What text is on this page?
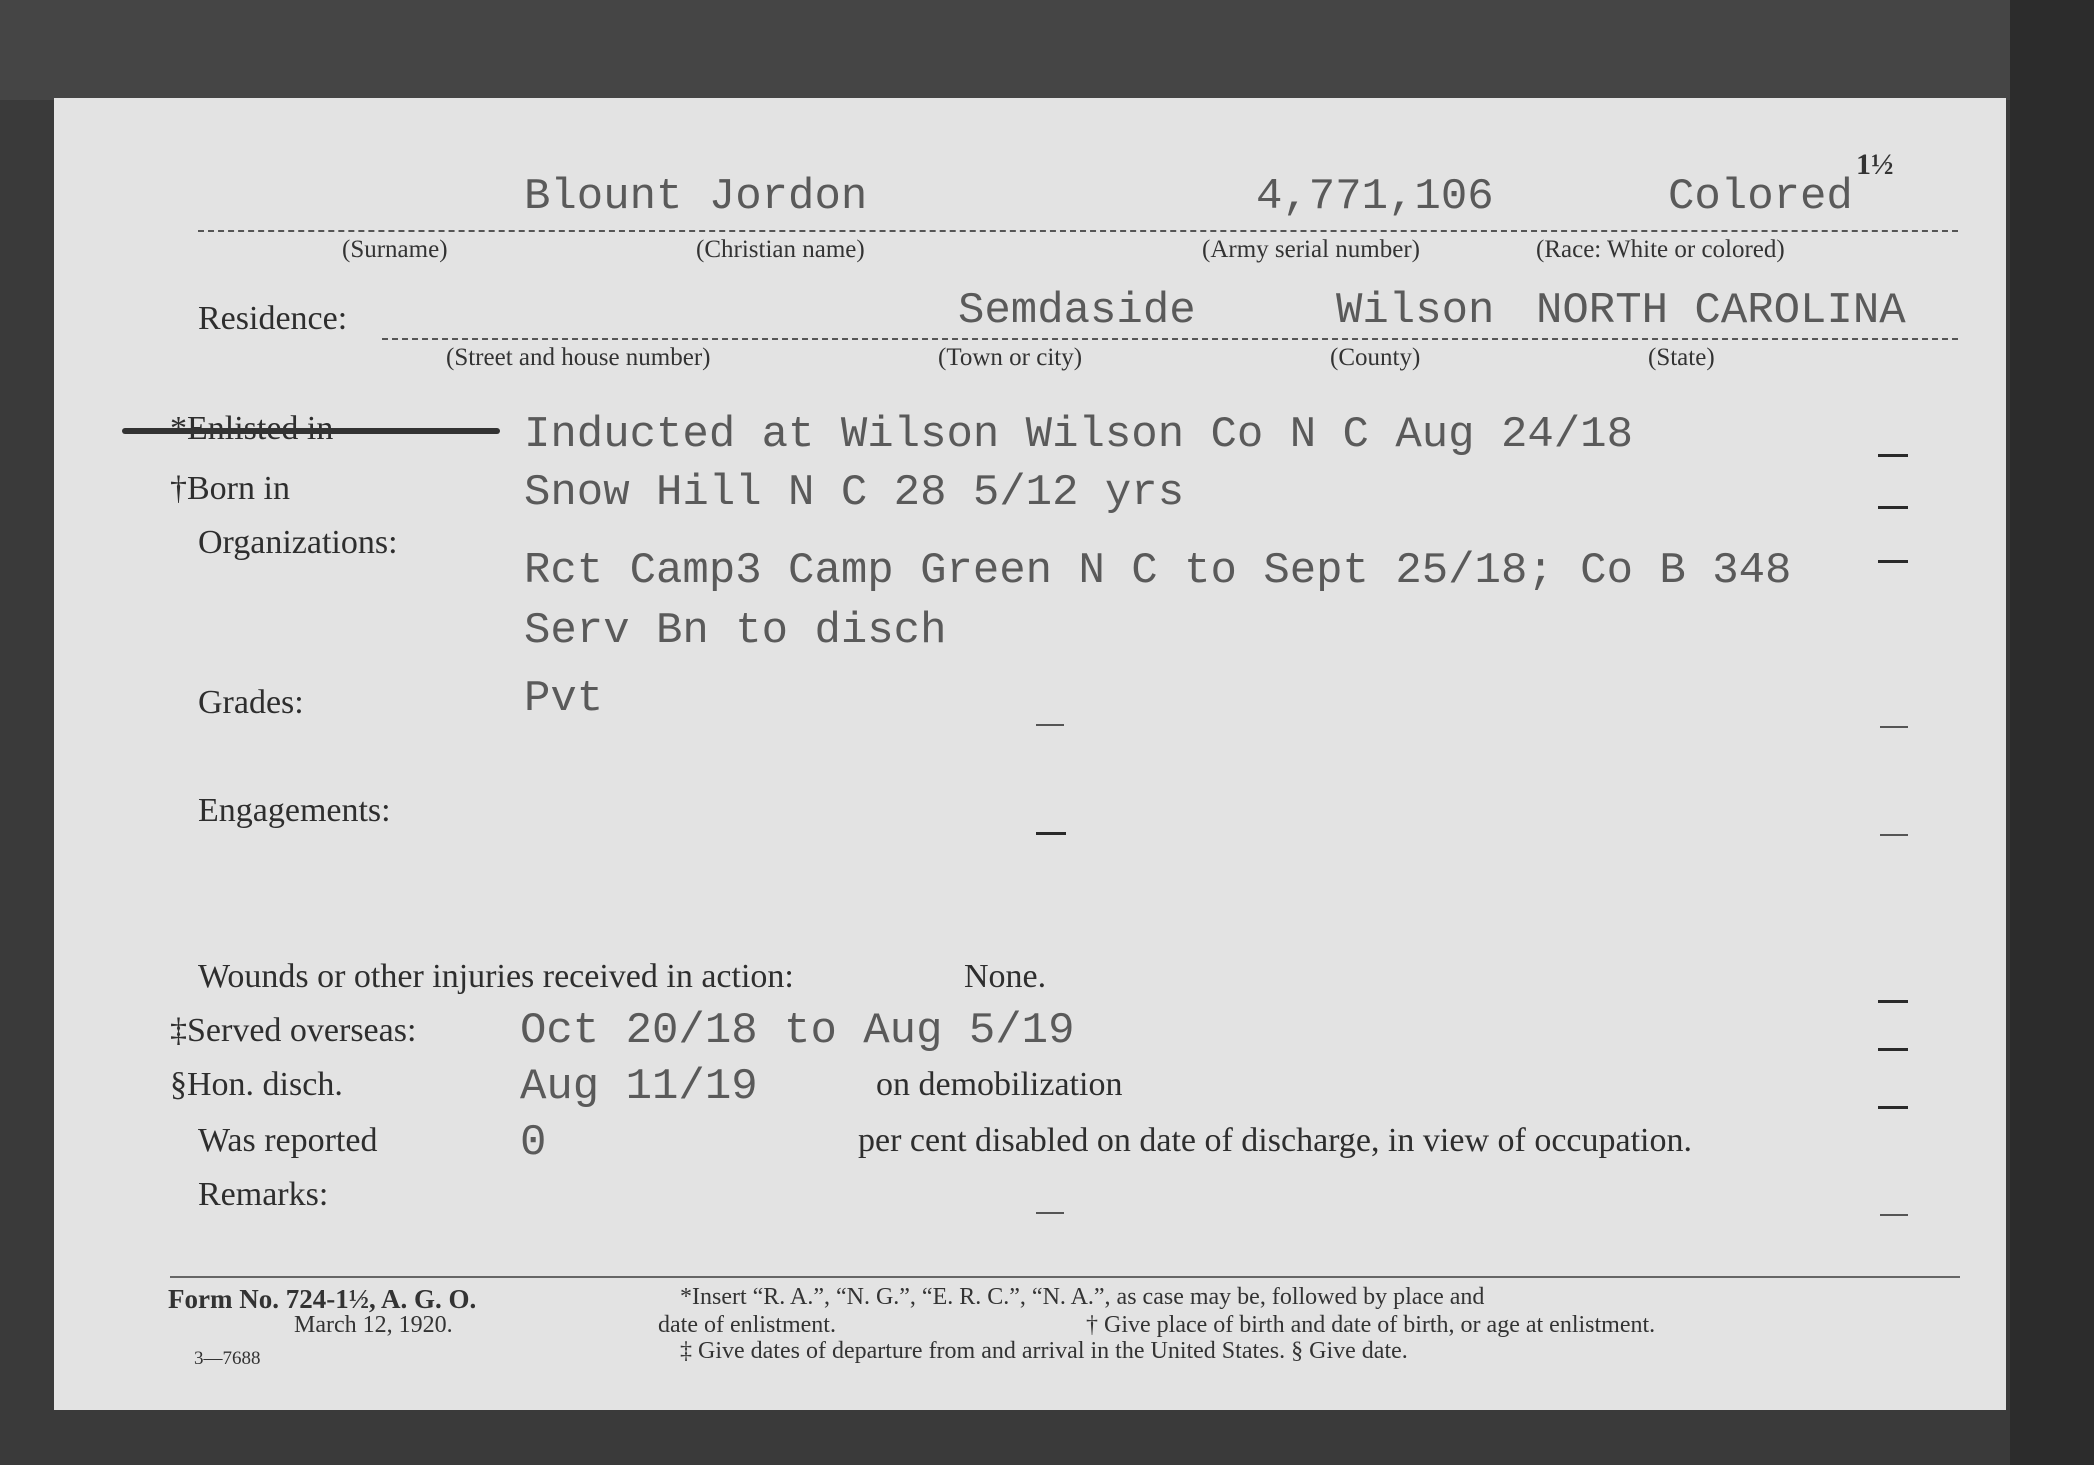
Blount Jordon	4,771,106	Colored
1½
(Surname)	(Christian name)	(Army serial number)	(Race: White or colored)
Residence:	Semdaside	Wilson NORTH CAROLINA
(Street and house number)	(Town or city)	(County)	(State)
Inducted at Wilson Wilson Co N C Aug 24/18
†Born in	Snow Hill N C 28 5/12 yrs
Organizations:
Rct Camp3 Camp Green N C to Sept 25/18; Co B 348
Serv Bn to disch
Grades:	Pvt
Engagements:
Wounds or other injuries received in action:	None.
‡Served overseas: Oct 20/18 to Aug 5/19
§Hon. disch.	Aug 11/19	on demobilization
Was reported	0	per cent disabled on date of discharge, in view of occupation.
Remarks:
Form No. 724-1½, A. G. O.
March 12, 1920.
3—7688
*Insert “R. A.”, “N. G.”, “E. R. C.”, “N. A.”, as case may be, followed by place and
date of enlistment.	† Give place of birth and date of birth, or age at enlistment.
‡ Give dates of departure from and arrival in the United States. § Give date.
